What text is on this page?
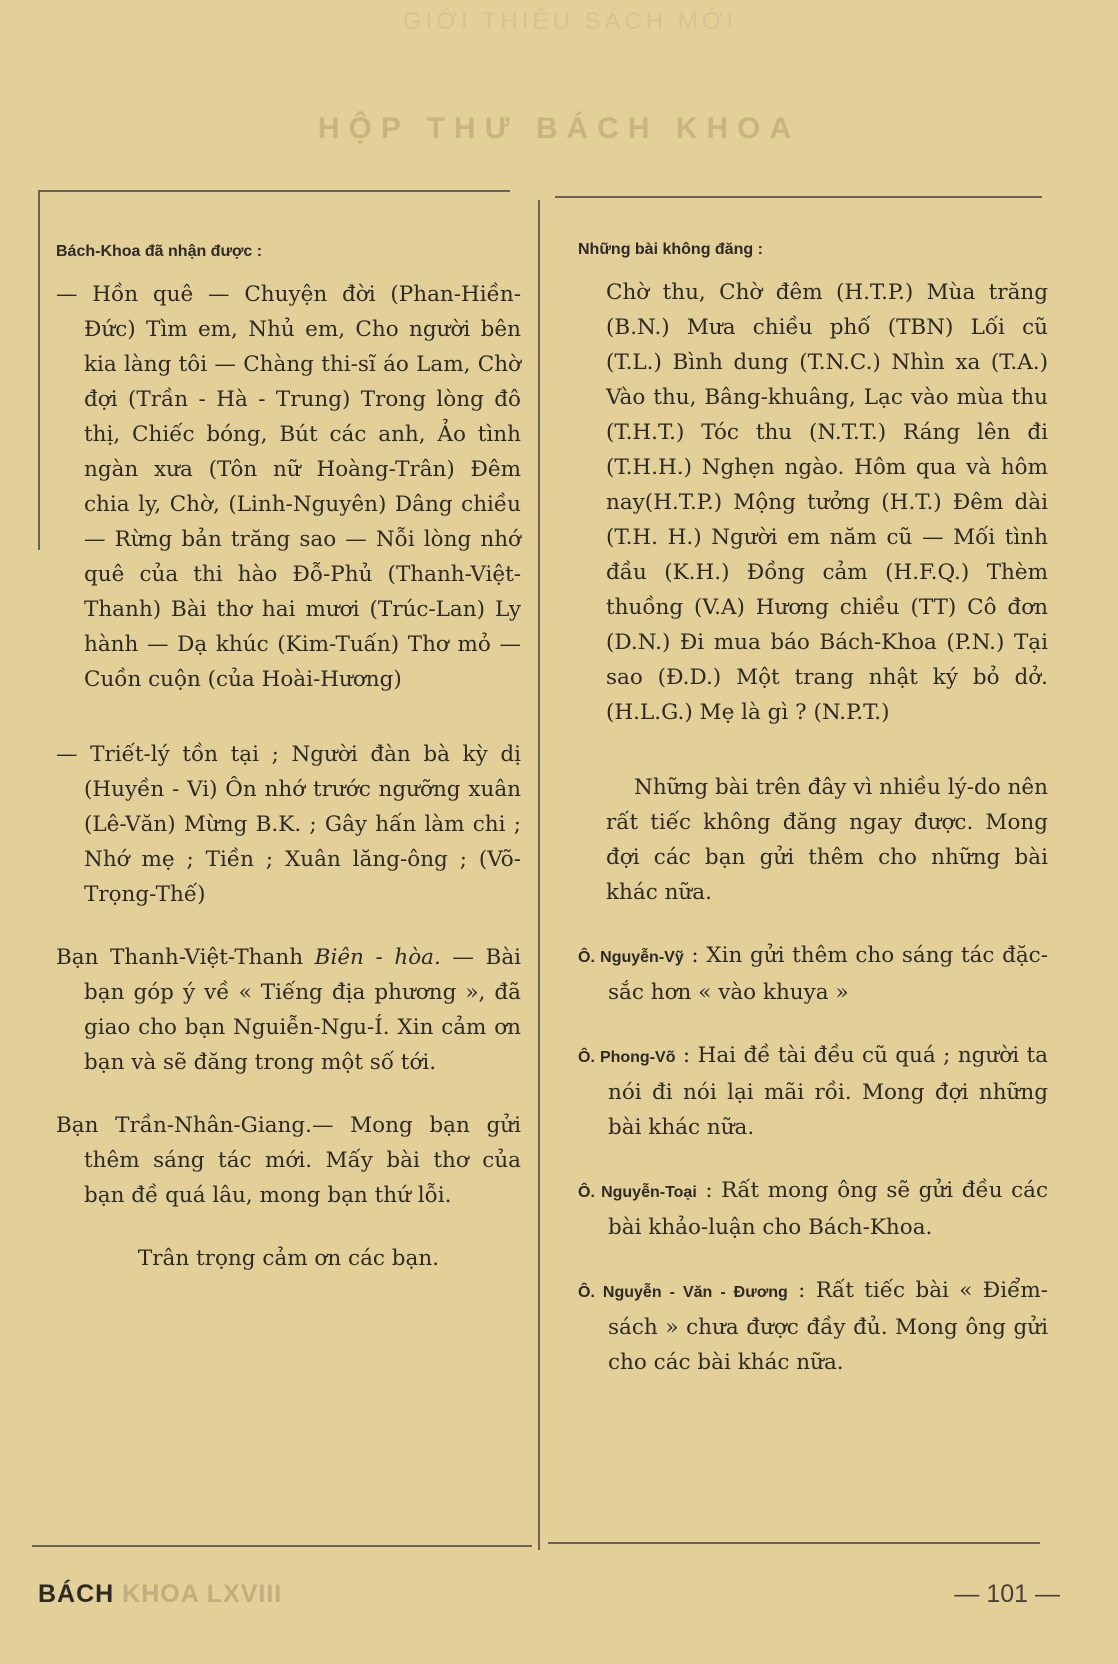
GIỚI THIỆU SÁCH MỚI
HỘP THƯ BÁCH KHOA
Bách-Khoa đã nhận được :

— Hồn quê — Chuyện đời (Phan-Hiền-Đức) Tìm em, Nhủ em, Cho người bên kia làng tôi — Chàng thi-sĩ áo Lam, Chờ đợi (Trần - Hà - Trung) Trong lòng đô thị, Chiếc bóng, Bút các anh, Ảo tình ngàn xưa (Tôn nữ Hoàng-Trân) Đêm chia ly, Chờ, (Linh-Nguyên) Dâng chiều — Rừng bản trăng sao — Nỗi lòng nhớ quê của thi hào Đỗ-Phủ (Thanh-Việt-Thanh) Bài thơ hai mươi (Trúc-Lan) Ly hành — Dạ khúc (Kim-Tuấn) Thơ mỏ — Cuồn cuộn (của Hoài-Hương)

— Triết-lý tồn tại ; Người đàn bà kỳ dị (Huyền - Vi) Ôn nhớ trước ngưỡng xuân (Lê-Văn) Mừng B.K. ; Gây hấn làm chi ; Nhớ mẹ ; Tiền ; Xuân lăng-ông ; (Võ-Trọng-Thế)

Bạn Thanh-Việt-Thanh Biên - hòa. — Bài bạn góp ý về « Tiếng địa phương », đã giao cho bạn Nguiễn-Ngu-Í. Xin cảm ơn bạn và sẽ đăng trong một số tới.

Bạn Trần-Nhân-Giang.— Mong bạn gửi thêm sáng tác mới. Mấy bài thơ của bạn đề quá lâu, mong bạn thứ lỗi.

Trân trọng cảm ơn các bạn.

Những bài không đăng :

Chờ thu, Chờ đêm (H.T.P.) Mùa trăng (B.N.) Mưa chiều phố (TBN) Lối cũ (T.L.) Bình dung (T.N.C.) Nhìn xa (T.A.) Vào thu, Bâng-khuâng, Lạc vào mùa thu (T.H.T.) Tóc thu (N.T.T.) Ráng lên đi (T.H.H.) Nghẹn ngào. Hôm qua và hôm nay(H.T.P.) Mộng tưởng (H.T.) Đêm dài (T.H. H.) Người em năm cũ — Mối tình đầu (K.H.) Đồng cảm (H.F.Q.) Thèm thuồng (V.A) Hương chiều (TT) Cô đơn (D.N.) Đi mua báo Bách-Khoa (P.N.) Tại sao (Đ.D.) Một trang nhật ký bỏ dở. (H.L.G.) Mẹ là gì ? (N.P.T.)

Những bài trên đây vì nhiều lý-do nên rất tiếc không đăng ngay được. Mong đợi các bạn gửi thêm cho những bài khác nữa.

Ô. Nguyễn-Vỹ : Xin gửi thêm cho sáng tác đặc-sắc hơn « vào khuya »

Ô. Phong-Võ : Hai đề tài đều cũ quá ; người ta nói đi nói lại mãi rồi. Mong đợi những bài khác nữa.

Ô. Nguyễn-Toại : Rất mong ông sẽ gửi đều các bài khảo-luận cho Bách-Khoa.

Ô. Nguyễn - Văn - Đương : Rất tiếc bài « Điểm-sách » chưa được đầy đủ. Mong ông gửi cho các bài khác nữa.

BÁCH KHOA LXVIII	— 101 —
